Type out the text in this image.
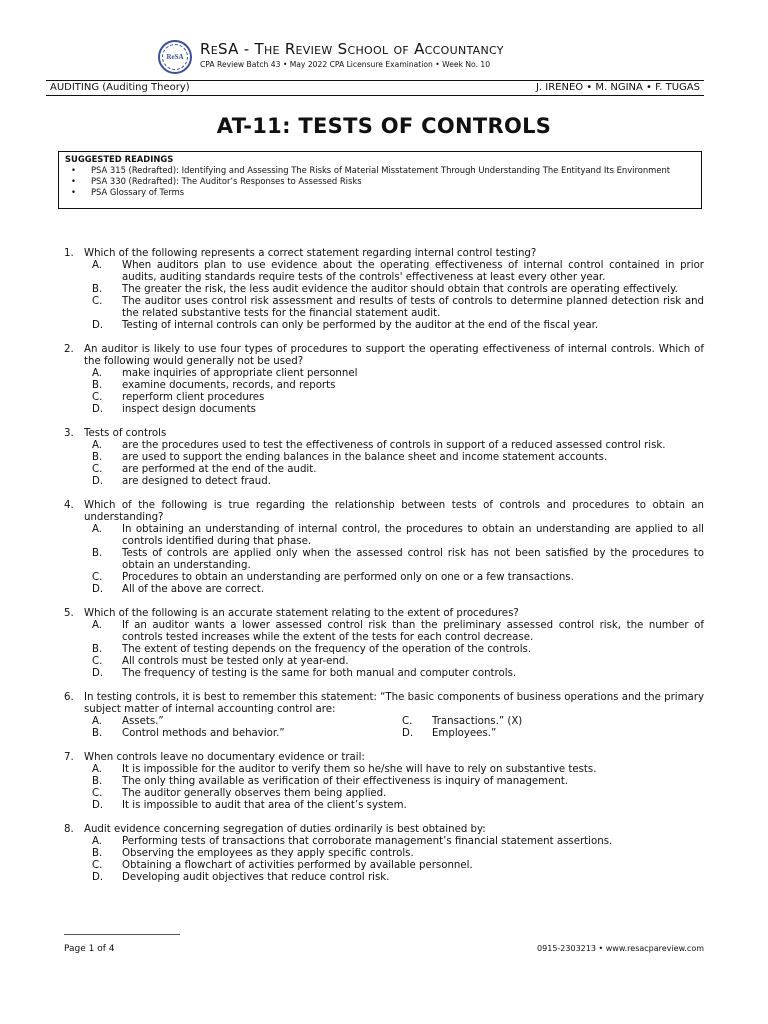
ReSA ReSA - The Review School of Accountancy
CPA Review Batch 43 • May 2022 CPA Licensure Examination • Week No. 10
AUDITING (Auditing Theory)	J. IRENEO • M. NGINA • F. TUGAS
AT-11: TESTS OF CONTROLS
SUGGESTED READINGS
• PSA 315 (Redrafted): Identifying and Assessing The Risks of Material Misstatement Through Understanding The Entityand Its Environment
• PSA 330 (Redrafted): The Auditor’s Responses to Assessed Risks
• PSA Glossary of Terms
1.	Which of the following represents a correct statement regarding internal control testing?
A.	When auditors plan to use evidence about the operating effectiveness of internal control contained in prior audits, auditing standards require tests of the controls' effectiveness at least every other year.
B.	The greater the risk, the less audit evidence the auditor should obtain that controls are operating effectively.
C.	The auditor uses control risk assessment and results of tests of controls to determine planned detection risk and the related substantive tests for the financial statement audit.
D.	Testing of internal controls can only be performed by the auditor at the end of the fiscal year.
2.	An auditor is likely to use four types of procedures to support the operating effectiveness of internal controls. Which of the following would generally not be used?
A.	make inquiries of appropriate client personnel
B.	examine documents, records, and reports
C.	reperform client procedures
D.	inspect design documents
3.	Tests of controls
A.	are the procedures used to test the effectiveness of controls in support of a reduced assessed control risk.
B.	are used to support the ending balances in the balance sheet and income statement accounts.
C.	are performed at the end of the audit.
D.	are designed to detect fraud.
4.	Which of the following is true regarding the relationship between tests of controls and procedures to obtain an understanding?
A.	In obtaining an understanding of internal control, the procedures to obtain an understanding are applied to all controls identified during that phase.
B.	Tests of controls are applied only when the assessed control risk has not been satisfied by the procedures to obtain an understanding.
C.	Procedures to obtain an understanding are performed only on one or a few transactions.
D.	All of the above are correct.
5.	Which of the following is an accurate statement relating to the extent of procedures?
A.	If an auditor wants a lower assessed control risk than the preliminary assessed control risk, the number of controls tested increases while the extent of the tests for each control decrease.
B.	The extent of testing depends on the frequency of the operation of the controls.
C.	All controls must be tested only at year-end.
D.	The frequency of testing is the same for both manual and computer controls.
6.	In testing controls, it is best to remember this statement: “The basic components of business operations and the primary subject matter of internal accounting control are:
A.	Assets.”	C.	Transactions.” (X)
B.	Control methods and behavior.”	D.	Employees.”
7.	When controls leave no documentary evidence or trail:
A.	It is impossible for the auditor to verify them so he/she will have to rely on substantive tests.
B.	The only thing available as verification of their effectiveness is inquiry of management.
C.	The auditor generally observes them being applied.
D.	It is impossible to audit that area of the client’s system.
8.	Audit evidence concerning segregation of duties ordinarily is best obtained by:
A.	Performing tests of transactions that corroborate management’s financial statement assertions.
B.	Observing the employees as they apply specific controls.
C.	Obtaining a flowchart of activities performed by available personnel.
D.	Developing audit objectives that reduce control risk.
Page 1 of 4	0915-2303213 • www.resacpareview.com
